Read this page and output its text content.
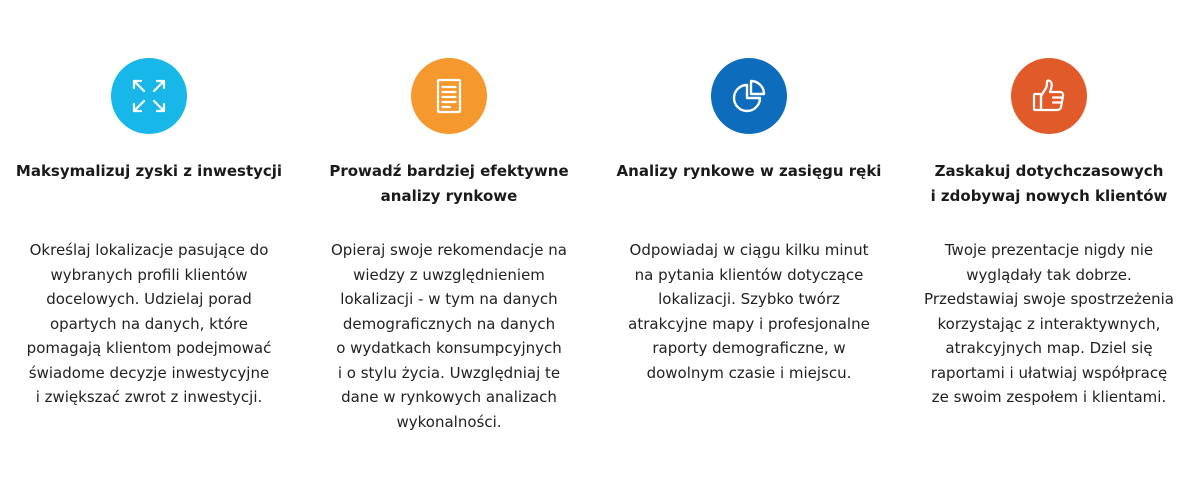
Maksymalizuj zyski z inwestycji
Określaj lokalizacje pasujące do
wybranych profili klientów
docelowych. Udzielaj porad
opartych na danych, które
pomagają klientom podejmować
świadome decyzje inwestycyjne
i zwiększać zwrot z inwestycji.
Prowadź bardziej efektywne
analizy rynkowe
Opieraj swoje rekomendacje na
wiedzy z uwzględnieniem
lokalizacji - w tym na danych
demograficznych na danych
o wydatkach konsumpcyjnych
i o stylu życia. Uwzględniaj te
dane w rynkowych analizach
wykonalności.
Analizy rynkowe w zasięgu ręki
Odpowiadaj w ciągu kilku minut
na pytania klientów dotyczące
lokalizacji. Szybko twórz
atrakcyjne mapy i profesjonalne
raporty demograficzne, w
dowolnym czasie i miejscu.
Zaskakuj dotychczasowych
i zdobywaj nowych klientów
Twoje prezentacje nigdy nie
wyglądały tak dobrze.
Przedstawiaj swoje spostrzeżenia
korzystając z interaktywnych,
atrakcyjnych map. Dziel się
raportami i ułatwiaj współpracę
ze swoim zespołem i klientami.
